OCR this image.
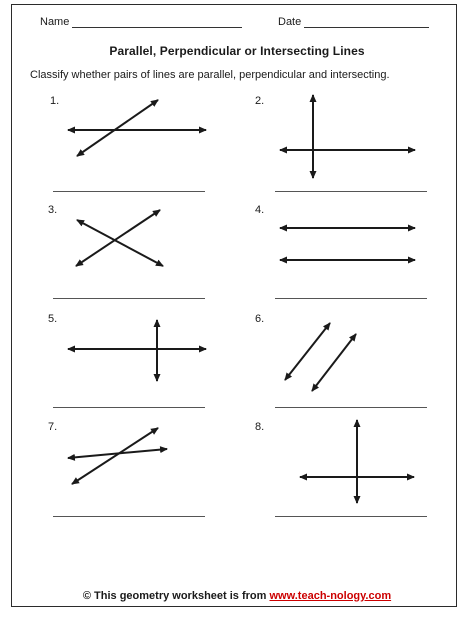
Name	Date
Parallel, Perpendicular or Intersecting Lines
Classify whether pairs of lines are parallel, perpendicular and intersecting.
1.	2.
3.	4.
5.	6.
7.	8.
© This geometry worksheet is from www.teach-nology.com
